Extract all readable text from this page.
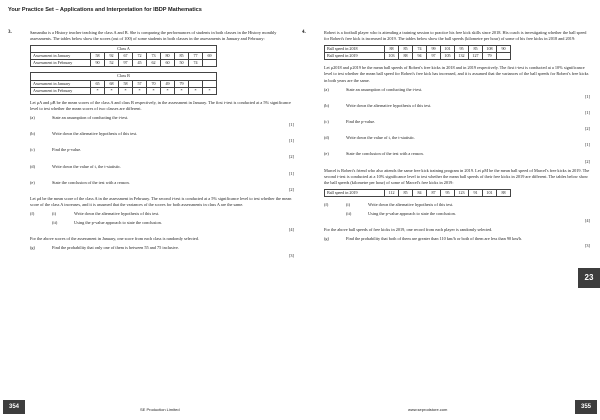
Your Practice Set – Applications and Interpretation for IBDP Mathematics
3.	Samantha is a History teacher teaching the class A and B. She is comparing the performances of students in both classes in the History monthly assessments. The tables below show the scores (out of 100) of some students in both classes in the assessments in January and February:

Class A									
Assessment in January	58	92	67	72	73	80	85	77	69
Assessment in February	90	52	97	45	62	60	50	74	
Class B									
Assessment in January	65	68	58	57	70	49	79		
Assessment in February	*	*	*	*	*	*	*	*	*

Let μA and μB be the mean scores of the class A and class B respectively, in the assessment in January. The first t-test is conducted at a 5% significance level to test whether the mean scores of two classes are different.

(a)	State an assumption of conducting the t-test.
[1]
(b)	Write down the alternative hypothesis of this test.
[1]
(c)	Find the p-value.
[2]
(d)	Write down the value of t, the t-statistic.
[1]
(e)	State the conclusion of the test with a reason.
[2]

Let μd be the mean score of the class A in the assessment in February. The second t-test is conducted at a 5% significance level to test whether the mean score of the class A increases, and it is assumed that the variances of the scores for both assessments in class A are the same.

(f)	(i)	Write down the alternative hypothesis of this test.
(ii)	Using the p-value approach to state the conclusion.
[4]

For the above scores of the assessment in January, one score from each class is randomly selected.

(g)	Find the probability that only one of them is between 55 and 75 inclusive.
[3]
4.	Robert is a football player who is attending a training session to practice his free kick skills since 2018. His coach is investigating whether the ball speed for Robert's free kick is increased in 2019. The tables below show the ball speeds (kilometre per hour) of some of his free kicks in 2018 and 2019:

Ball speed in 2018	88	85	74	99	101	95	85	108	90
Ball speed in 2019	103	88	94	97	105	132	127	79	

Let μ2018 and μ2019 be the mean ball speeds of Robert's free kicks in 2018 and in 2019 respectively. The first t-test is conducted at a 10% significance level to test whether the mean ball speed for Robert's free kick has increased, and it is assumed that the variances of the ball speeds for Robert's free kicks in both years are the same.

(a)	State an assumption of conducting the t-test.
[1]
(b)	Write down the alternative hypothesis of this test.
[1]
(c)	Find the p-value.
[2]
(d)	Write down the value of t, the t-statistic.
[1]
(e)	State the conclusion of the test with a reason.
[2]

Marcel is Robert's friend who also attends the same free kick training program in 2019. Let μM be the mean ball speed of Marcel's free kicks in 2019. The second t-test is conducted at a 10% significance level to test whether the mean ball speeds of their free kicks in 2019 are different. The tables below show the ball speeds (kilometre per hour) of some of Marcel's free kicks in 2019:

Ball speed in 2019	112	85	84	87	95	123	91	101	88
(f)	(i)	Write down the alternative hypothesis of this test.
(ii)	Using the p-value approach to state the conclusion.
[4]

For the above ball speeds of free kicks in 2019, one record from each player is randomly selected.

(g)	Find the probability that both of them are greater than 110 km/h or both of them are less than 90 km/h.
[3]
23
354	SE Production Limited	www.seprodstore.com	355
